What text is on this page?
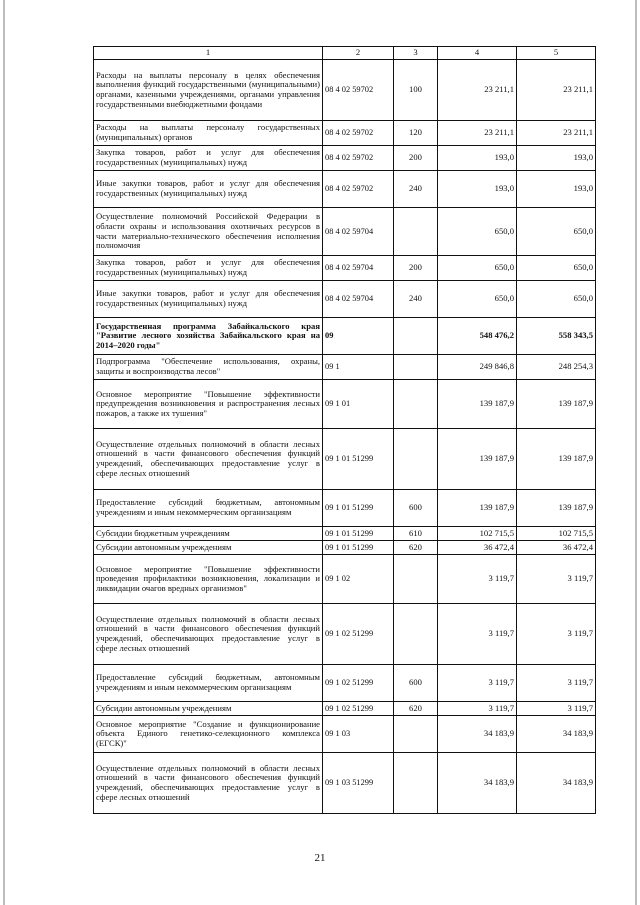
1	2	3	4	5
Расходы на выплаты персоналу в целях обеспечения выполнения функций государственными (муниципальными) органами, казенными учреждениями, органами управления государственными внебюджетными фондами	08 4 02 59702	100	23 211,1	23 211,1
Расходы на выплаты персоналу государственных (муниципальных) органов	08 4 02 59702	120	23 211,1	23 211,1
Закупка товаров, работ и услуг для обеспечения государственных (муниципальных) нужд	08 4 02 59702	200	193,0	193,0
Иные закупки товаров, работ и услуг для обеспечения государственных (муниципальных) нужд	08 4 02 59702	240	193,0	193,0
Осуществление полномочий Российской Федерации в области охраны и использования охотничьих ресурсов в части материально-технического обеспечения исполнения полномочия	08 4 02 59704		650,0	650,0
Закупка товаров, работ и услуг для обеспечения государственных (муниципальных) нужд	08 4 02 59704	200	650,0	650,0
Иные закупки товаров, работ и услуг для обеспечения государственных (муниципальных) нужд	08 4 02 59704	240	650,0	650,0
Государственная программа Забайкальского края "Развитие лесного хозяйства Забайкальского края на 2014–2020 годы"	09		548 476,2	558 343,5
Подпрограмма "Обеспечение использования, охраны, защиты и воспроизводства лесов"	09 1		249 846,8	248 254,3
Основное мероприятие "Повышение эффективности предупреждения возникновения и распространения лесных пожаров, а также их тушения"	09 1 01		139 187,9	139 187,9
Осуществление отдельных полномочий в области лесных отношений в части финансового обеспечения функций учреждений, обеспечивающих предоставление услуг в сфере лесных отношений	09 1 01 51299		139 187,9	139 187,9
Предоставление субсидий бюджетным, автономным учреждениям и иным некоммерческим организациям	09 1 01 51299	600	139 187,9	139 187,9
Субсидии бюджетным учреждениям	09 1 01 51299	610	102 715,5	102 715,5
Субсидии автономным учреждениям	09 1 01 51299	620	36 472,4	36 472,4
Основное мероприятие "Повышение эффективности проведения профилактики возникновения, локализации и ликвидации очагов вредных организмов"	09 1 02		3 119,7	3 119,7
Осуществление отдельных полномочий в области лесных отношений в части финансового обеспечения функций учреждений, обеспечивающих предоставление услуг в сфере лесных отношений	09 1 02 51299		3 119,7	3 119,7
Предоставление субсидий бюджетным, автономным учреждениям и иным некоммерческим организациям	09 1 02 51299	600	3 119,7	3 119,7
Субсидии автономным учреждениям	09 1 02 51299	620	3 119,7	3 119,7
Основное мероприятие "Создание и функционирование объекта Единого генетико-селекционного комплекса (ЕГСК)"	09 1 03		34 183,9	34 183,9
Осуществление отдельных полномочий в области лесных отношений в части финансового обеспечения функций учреждений, обеспечивающих предоставление услуг в сфере лесных отношений	09 1 03 51299		34 183,9	34 183,9
21
